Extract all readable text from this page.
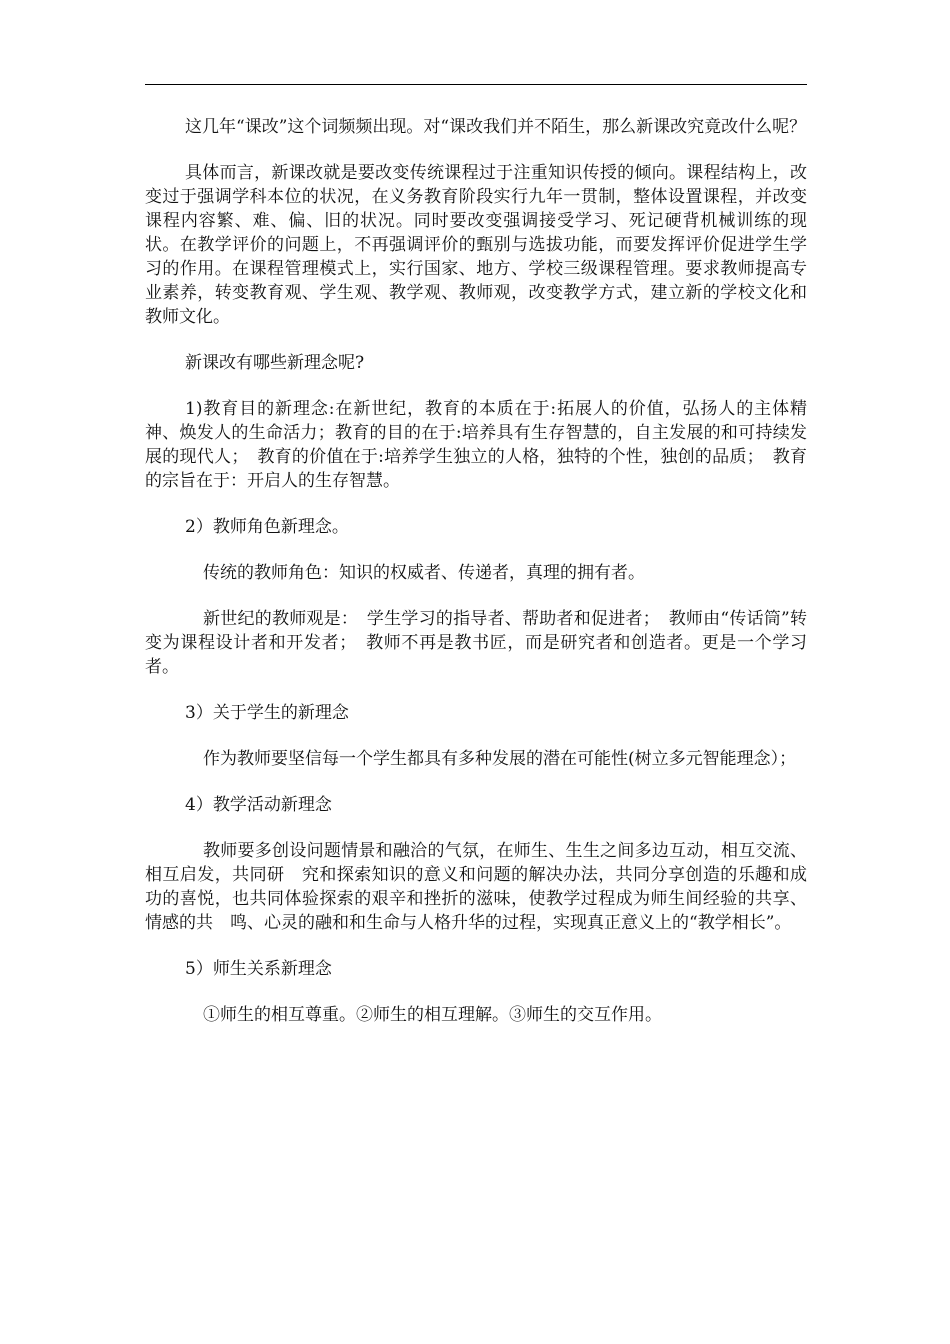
这几年“课改”这个词频频出现。对“课改我们并不陌生，那么新课改究竟改什么呢？

具体而言，新课改就是要改变传统课程过于注重知识传授的倾向。课程结构上，改变过于强调学科本位的状况，在义务教育阶段实行九年一贯制，整体设置课程，并改变课程内容繁、难、偏、旧的状况。同时要改变强调接受学习、死记硬背机械训练的现状。在教学评价的问题上，不再强调评价的甄别与选拔功能，而要发挥评价促进学生学习的作用。在课程管理模式上，实行国家、地方、学校三级课程管理。要求教师提高专　业素养，转变教育观、学生观、教学观、教师观，改变教学方式，建立新的学校文化和教师文化。

新课改有哪些新理念呢?

1)教育目的新理念:在新世纪，教育的本质在于:拓展人的价值，弘扬人的主体精神、焕发人的生命活力；教育的目的在于:培养具有生存智慧的，自主发展的和可持续发展的现代人；　教育的价值在于:培养学生独立的人格，独特的个性，独创的品质；　教育的宗旨在于：开启人的生存智慧。

2）教师角色新理念。

传统的教师角色：知识的权威者、传递者，真理的拥有者。

新世纪的教师观是：　学生学习的指导者、帮助者和促进者；　教师由“传话筒”转变为课程设计者和开发者；　教师不再是教书匠，而是研究者和创造者。更是一个学习者。

3）关于学生的新理念

作为教师要坚信每一个学生都具有多种发展的潜在可能性(树立多元智能理念）；

4）教学活动新理念

教师要多创设问题情景和融洽的气氛，在师生、生生之间多边互动，相互交流、相互启发，共同研　究和探索知识的意义和问题的解决办法，共同分享创造的乐趣和成功的喜悦，也共同体验探索的艰辛和挫折的滋味，使教学过程成为师生间经验的共享、情感的共　鸣、心灵的融和和生命与人格升华的过程，实现真正意义上的“教学相长”。

5）师生关系新理念

①师生的相互尊重。②师生的相互理解。③师生的交互作用。
